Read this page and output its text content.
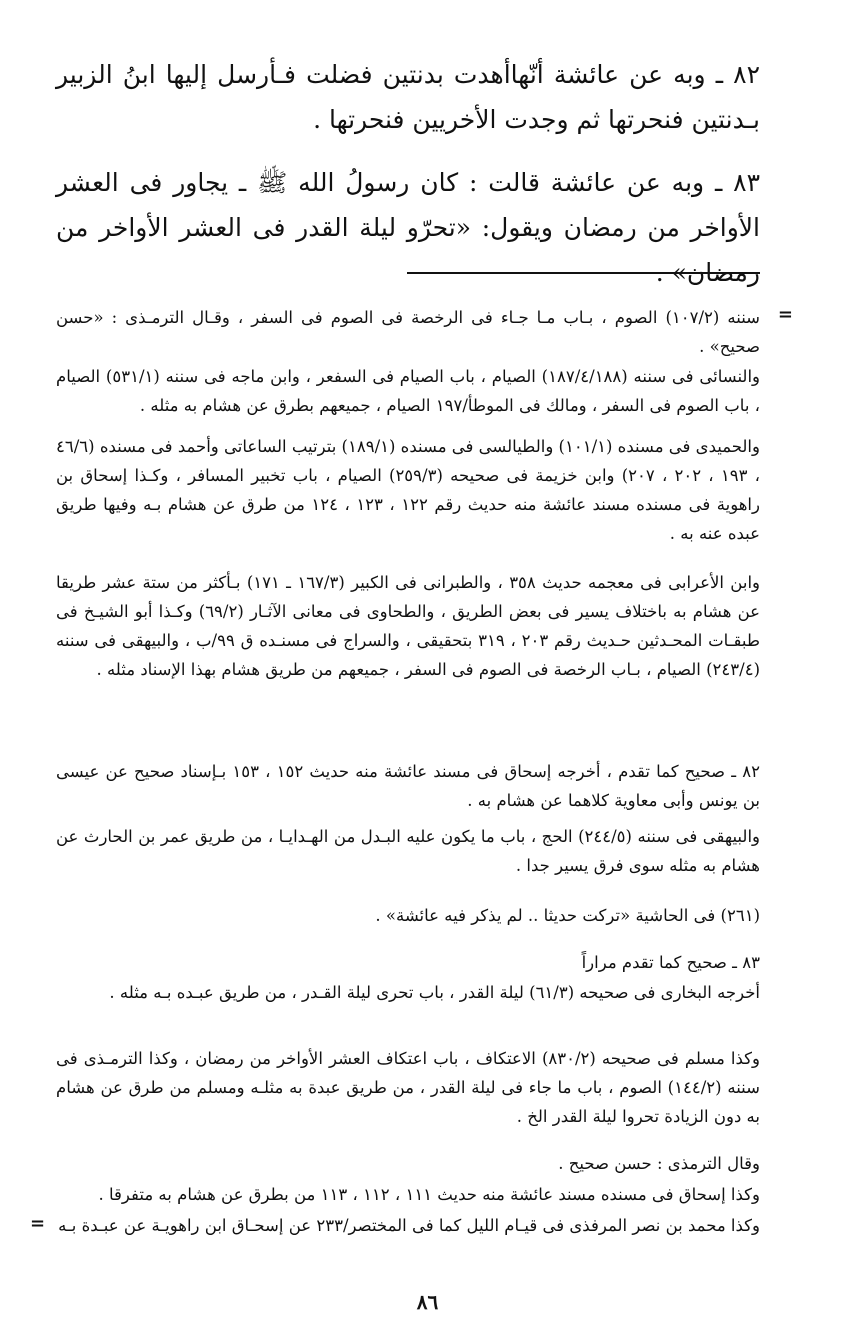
٨٢ ـ وبه عن عائشة أنّهاأهدت بدنتين فضلت فـأرسل إليها ابنُ الزبير بـدنتين فنحرتها ثم وجدت الأخريين فنحرتها .

٨٣ ـ وبه عن عائشة قالت : كان رسولُ الله ﷺ ـ يجاور فى العشر الأواخر من رمضان ويقول: «تحرّو ليلة القدر فى العشر الأواخر من رمضان» .

=

سننه (١٠٧/٢) الصوم ، بـاب مـا جـاء فى الرخصة فى الصوم فى السفر ، وقـال الترمـذى : «حسن صحيح» .

والنسائى فى سننه (١٨٧/٤/١٨٨) الصيام ، باب الصيام فى السفعر ، وابن ماجه فى سننه (٥٣١/١) الصيام ، باب الصوم فى السفر ، ومالك فى الموطأ/١٩٧ الصيام ، جميعهم بطرق عن هشام به مثله .

والحميدى فى مسنده (١٠١/١) والطيالسى فى مسنده (١٨٩/١) بترتيب الساعاتى وأحمد فى مسنده (٤٦/٦ ، ١٩٣ ، ٢٠٢ ، ٢٠٧) وابن خزيمة فى صحيحه (٢٥٩/٣) الصيام ، باب تخبير المسافر ، وكـذا إسحاق بن راهوية فى مسنده مسند عائشة منه حديث رقم ١٢٢ ، ١٢٣ ، ١٢٤ من طرق عن هشام بـه وفيها طريق عبده عنه به .

وابن الأعرابى فى معجمه حديث ٣٥٨ ، والطبرانى فى الكبير (١٦٧/٣ ـ ١٧١) بـأكثر من ستة عشر طريقا عن هشام به باختلاف يسير فى بعض الطريق ، والطحاوى فى معانى الآثـار (٦٩/٢) وكـذا أبو الشيـخ فى طبقـات المحـدثين حـديث رقم ٢٠٣ ، ٣١٩ بتحقيقى ، والسراج فى مسنـده ق ٩٩/ب ، والبيهقى فى سننه (٢٤٣/٤) الصيام ، بـاب الرخصة فى الصوم فى السفر ، جميعهم من طريق هشام بهذا الإسناد مثله .

٨٢ ـ صحيح كما تقدم ، أخرجه إسحاق فى مسند عائشة منه حديث ١٥٢ ، ١٥٣ بـإسناد صحيح عن عيسى بن يونس وأبى معاوية كلاهما عن هشام به .

والبيهقى فى سننه (٢٤٤/٥) الحج ، باب ما يكون عليه البـدل من الهـدايـا ، من طريق عمر بن الحارث عن هشام به مثله سوى فرق يسير جدا .

(٢٦١) فى الحاشية «تركت حديثا .. لم يذكر فيه عائشة» .

٨٣ ـ صحيح كما تقدم مراراً

أخرجه البخارى فى صحيحه (٦١/٣) ليلة القدر ، باب تحرى ليلة القـدر ، من طريق عبـده بـه مثله .

وكذا مسلم فى صحيحه (٨٣٠/٢) الاعتكاف ، باب اعتكاف العشر الأواخر من رمضان ، وكذا الترمـذى فى سننه (١٤٤/٢) الصوم ، باب ما جاء فى ليلة القدر ، من طريق عبدة به مثلـه ومسلم من طرق عن هشام به دون الزيادة تحروا ليلة القدر الخ .

وقال الترمذى : حسن صحيح .

وكذا إسحاق فى مسنده مسند عائشة منه حديث ١١١ ، ١١٢ ، ١١٣ من بطرق عن هشام به متفرقا .

وكذا محمد بن نصر المرفذى فى قيـام الليل كما فى المختصر/٢٣٣ عن إسحـاق ابن راهويـة عن عبـدة بـه

=
٨٦
